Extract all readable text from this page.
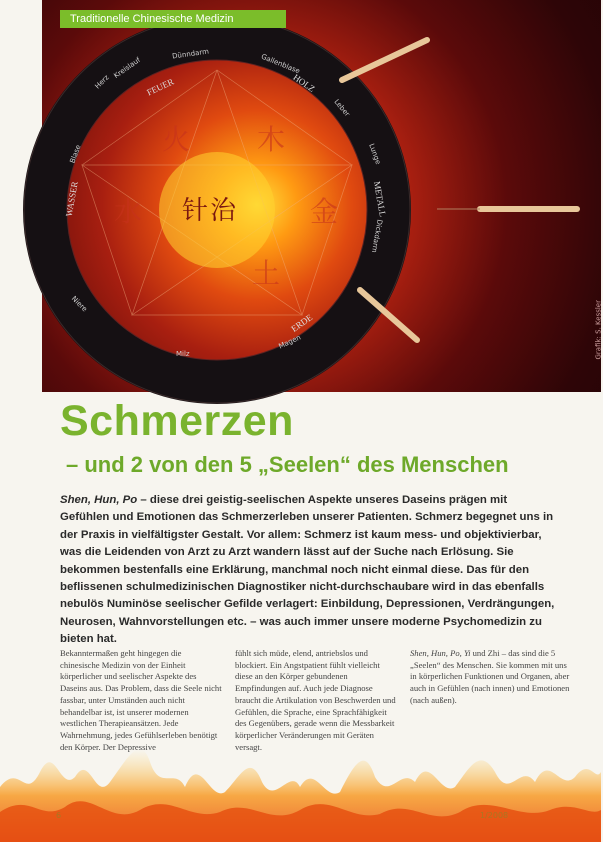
Traditionelle Chinesische Medizin
针治
火 木
金
土
水
FEUER	HOLZ
METALL
ERDE
WASSER
Dünndarm	Gallenblase
Leber
Lunge
Dickdarm
Magen
Milz
Niere
Blase
Herz
Kreislauf
Grafik: S. Kessler
Schmerzen
– und 2 von den 5 „Seelen“ des Menschen
Shen, Hun, Po – diese drei geistig-seelischen Aspekte unseres Daseins prägen mit Gefühlen und Emotionen das Schmerzerleben unserer Patienten. Schmerz begegnet uns in der Praxis in vielfältigster Gestalt. Vor allem: Schmerz ist kaum mess- und objektivierbar, was die Leidenden von Arzt zu Arzt wandern lässt auf der Suche nach Erlösung. Sie bekommen bestenfalls eine Erklärung, manchmal noch nicht einmal diese. Das für den beflissenen schulmedizinischen Diagnostiker nicht-durchschaubare wird in das ebenfalls nebulös Numinöse seelischer Gefilde verlagert: Einbildung, Depressionen, Verdrängungen, Neurosen, Wahnvorstellungen etc. – was auch immer unsere moderne Psychomedizin zu bieten hat.
Bekanntermaßen geht hingegen die chinesische Medizin von der Einheit körperlicher und seelischer Aspekte des Daseins aus. Das Problem, dass die Seele nicht fassbar, unter Umständen auch nicht behandelbar ist, ist unserer modernen westlichen Therapieansätzen. Jede Wahrnehmung, jedes Gefühlserleben benötigt den Körper. Der Depressive
fühlt sich müde, elend, antriebslos und blockiert. Ein Angstpatient fühlt vielleicht diese an den Körper gebundenen Empfindungen auf. Auch jede Diagnose braucht die Artikulation von Beschwerden und Gefühlen, die Sprache, eine Sprachfähigkeit des Gegenübers, gerade wenn die Messbarkeit körperlicher Veränderungen mit Geräten versagt.
Shen, Hun, Po, Yi und Zhi – das sind die 5 „Seelen“ des Menschen. Sie kommen mit uns in körperlichen Funktionen und Organen, aber auch in Gefühlen (nach innen) und Emotionen (nach außen).
6	1/2008
